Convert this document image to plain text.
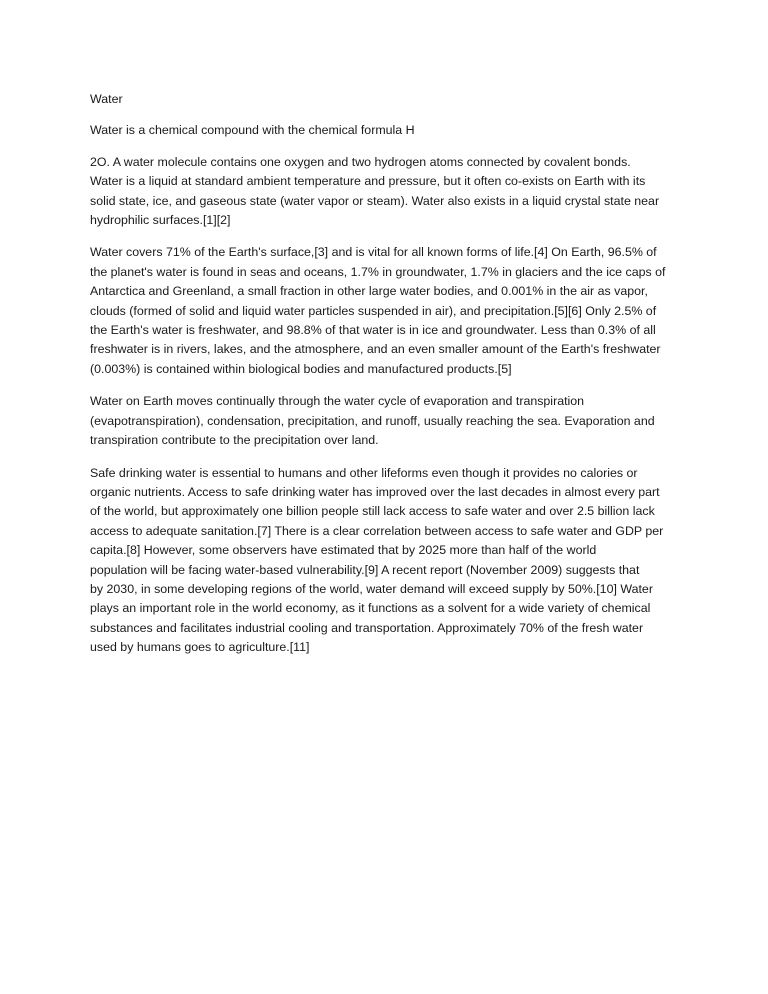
Water

Water is a chemical compound with the chemical formula H

2O. A water molecule contains one oxygen and two hydrogen atoms connected by covalent bonds.

Water is a liquid at standard ambient temperature and pressure, but it often co-exists on Earth with its

solid state, ice, and gaseous state (water vapor or steam). Water also exists in a liquid crystal state near

hydrophilic surfaces.[1][2]

Water covers 71% of the Earth's surface,[3] and is vital for all known forms of life.[4] On Earth, 96.5% of

the planet's water is found in seas and oceans, 1.7% in groundwater, 1.7% in glaciers and the ice caps of

Antarctica and Greenland, a small fraction in other large water bodies, and 0.001% in the air as vapor,

clouds (formed of solid and liquid water particles suspended in air), and precipitation.[5][6] Only 2.5% of

the Earth's water is freshwater, and 98.8% of that water is in ice and groundwater. Less than 0.3% of all

freshwater is in rivers, lakes, and the atmosphere, and an even smaller amount of the Earth's freshwater

(0.003%) is contained within biological bodies and manufactured products.[5]

Water on Earth moves continually through the water cycle of evaporation and transpiration

(evapotranspiration), condensation, precipitation, and runoff, usually reaching the sea. Evaporation and

transpiration contribute to the precipitation over land.

Safe drinking water is essential to humans and other lifeforms even though it provides no calories or

organic nutrients. Access to safe drinking water has improved over the last decades in almost every part

of the world, but approximately one billion people still lack access to safe water and over 2.5 billion lack

access to adequate sanitation.[7] There is a clear correlation between access to safe water and GDP per

capita.[8] However, some observers have estimated that by 2025 more than half of the world

population will be facing water-based vulnerability.[9] A recent report (November 2009) suggests that

by 2030, in some developing regions of the world, water demand will exceed supply by 50%.[10] Water

plays an important role in the world economy, as it functions as a solvent for a wide variety of chemical

substances and facilitates industrial cooling and transportation. Approximately 70% of the fresh water

used by humans goes to agriculture.[11]
